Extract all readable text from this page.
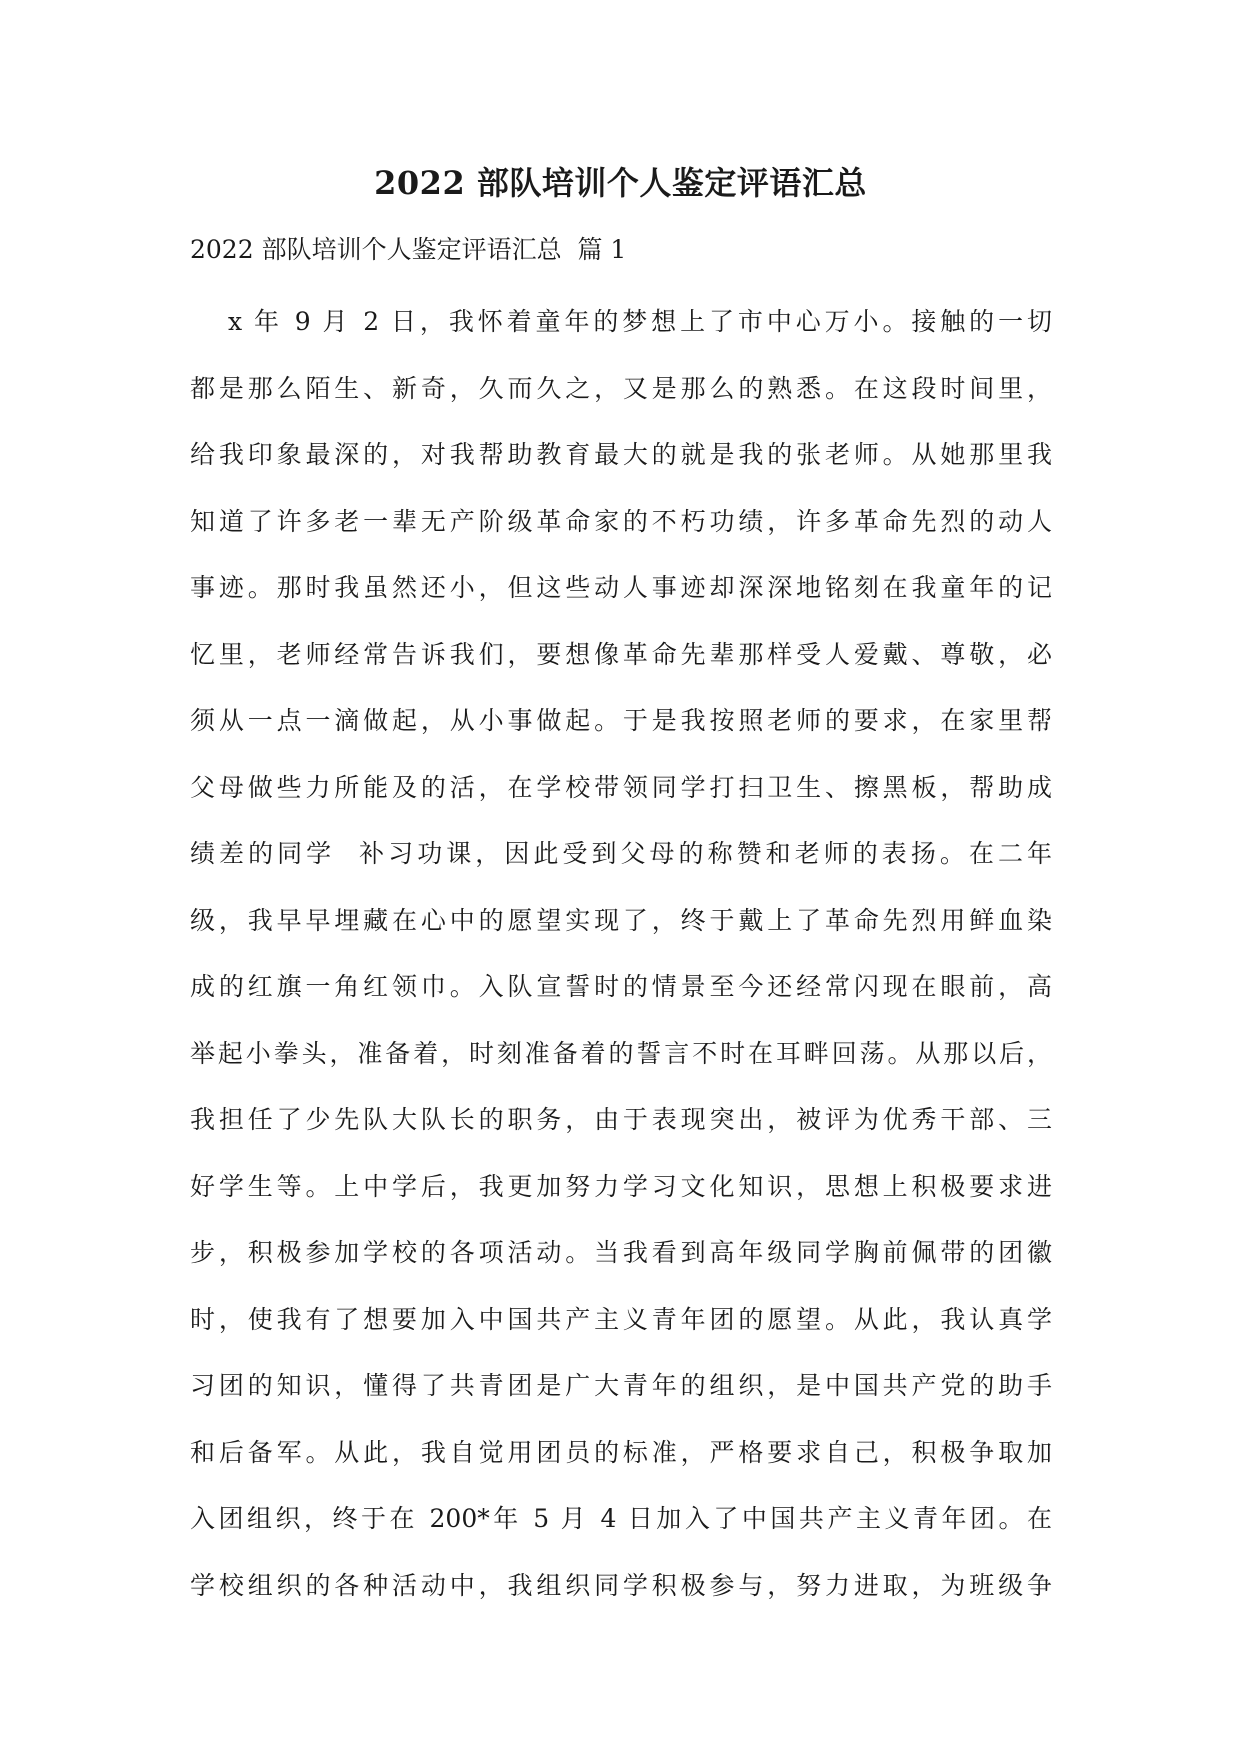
2022 部队培训个人鉴定评语汇总
2022 部队培训个人鉴定评语汇总  篇 1
x 年 9 月 2 日，我怀着童年的梦想上了市中心万小。接触的一切
都是那么陌生、新奇，久而久之，又是那么的熟悉。在这段时间里，
给我印象最深的，对我帮助教育最大的就是我的张老师。从她那里我
知道了许多老一辈无产阶级革命家的不朽功绩，许多革命先烈的动人
事迹。那时我虽然还小，但这些动人事迹却深深地铭刻在我童年的记
忆里，老师经常告诉我们，要想像革命先辈那样受人爱戴、尊敬，必
须从一点一滴做起，从小事做起。于是我按照老师的要求，在家里帮
父母做些力所能及的活，在学校带领同学打扫卫生、擦黑板，帮助成
绩差的同学  补习功课，因此受到父母的称赞和老师的表扬。在二年
级，我早早埋藏在心中的愿望实现了，终于戴上了革命先烈用鲜血染
成的红旗一角红领巾。入队宣誓时的情景至今还经常闪现在眼前，高
举起小拳头，准备着，时刻准备着的誓言不时在耳畔回荡。从那以后，
我担任了少先队大队长的职务，由于表现突出，被评为优秀干部、三
好学生等。上中学后，我更加努力学习文化知识，思想上积极要求进
步，积极参加学校的各项活动。当我看到高年级同学胸前佩带的团徽
时，使我有了想要加入中国共产主义青年团的愿望。从此，我认真学
习团的知识，懂得了共青团是广大青年的组织，是中国共产党的助手
和后备军。从此，我自觉用团员的标准，严格要求自己，积极争取加
入团组织，终于在 200*年 5 月 4 日加入了中国共产主义青年团。在
学校组织的各种活动中，我组织同学积极参与，努力进取，为班级争
